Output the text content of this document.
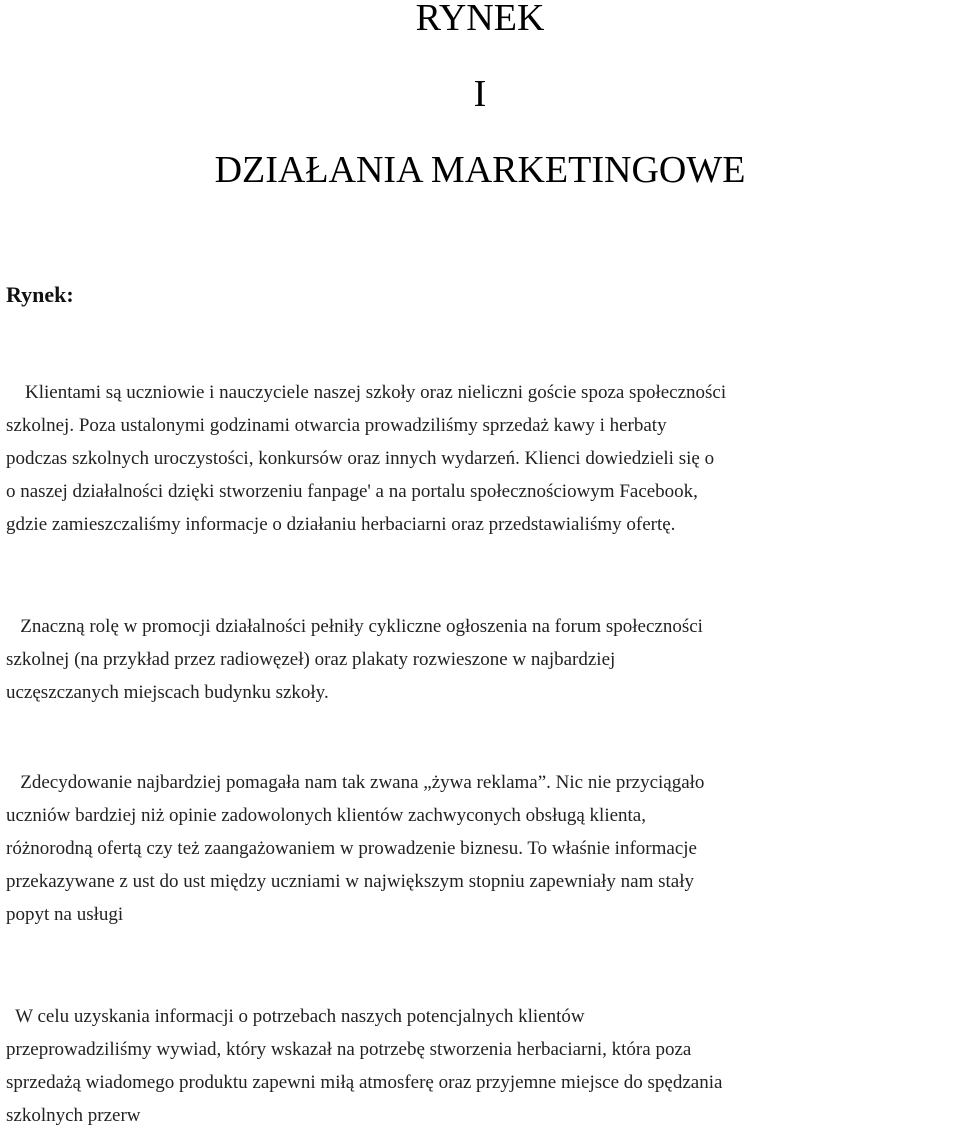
RYNEK
I
DZIAŁANIA MARKETINGOWE
Rynek:

Klientami są uczniowie i nauczyciele naszej szkoły oraz nieliczni goście spoza społeczności
szkolnej. Poza ustalonymi godzinami otwarcia prowadziliśmy sprzedaż kawy i herbaty
podczas szkolnych uroczystości, konkursów oraz innych wydarzeń. Klienci dowiedzieli się o
o naszej działalności dzięki stworzeniu fanpage' a na portalu społecznościowym Facebook,
gdzie zamieszczaliśmy informacje o działaniu herbaciarni oraz przedstawialiśmy ofertę.

Znaczną rolę w promocji działalności pełniły cykliczne ogłoszenia na forum społeczności
szkolnej (na przykład przez radiowęzeł) oraz plakaty rozwieszone w najbardziej
uczęszczanych miejscach budynku szkoły.

Zdecydowanie najbardziej pomagała nam tak zwana „żywa reklama”. Nic nie przyciągało
uczniów bardziej niż opinie zadowolonych klientów zachwyconych obsługą klienta,
różnorodną ofertą czy też zaangażowaniem w prowadzenie biznesu. To właśnie informacje
przekazywane z ust do ust między uczniami w największym stopniu zapewniały nam stały
popyt na usługi

W celu uzyskania informacji o potrzebach naszych potencjalnych klientów
przeprowadziliśmy wywiad, który wskazał na potrzebę stworzenia herbaciarni, która poza
sprzedażą wiadomego produktu zapewni miłą atmosferę oraz przyjemne miejsce do spędzania
szkolnych przerw
